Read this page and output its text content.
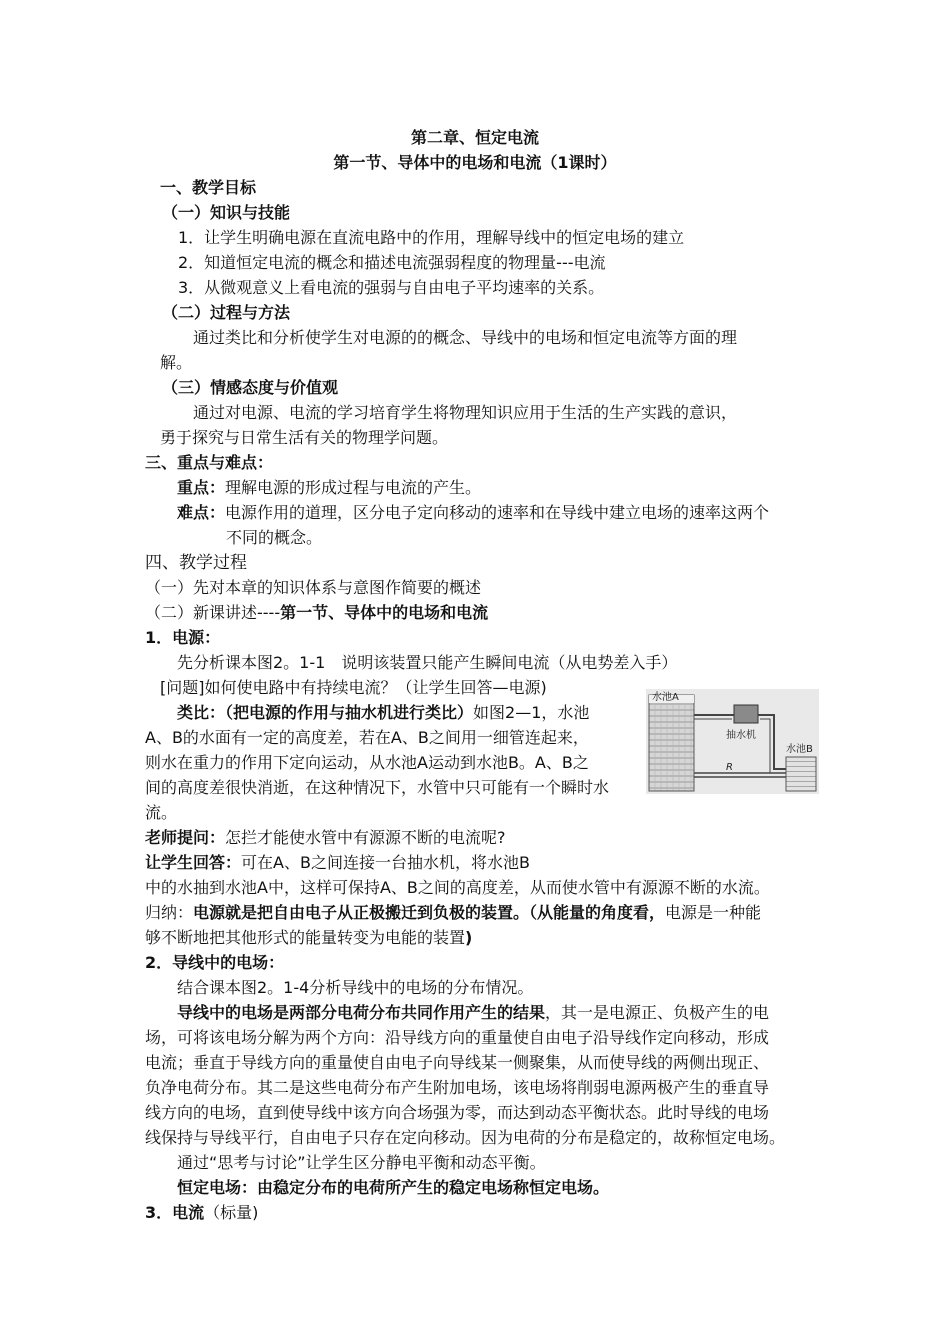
第二章、恒定电流
第一节、导体中的电场和电流（1课时）
一、教学目标
（一）知识与技能
1．让学生明确电源在直流电路中的作用，理解导线中的恒定电场的建立
2．知道恒定电流的概念和描述电流强弱程度的物理量---电流
3．从微观意义上看电流的强弱与自由电子平均速率的关系。
（二）过程与方法
通过类比和分析使学生对电源的的概念、导线中的电场和恒定电流等方面的理
解。
（三）情感态度与价值观
通过对电源、电流的学习培育学生将物理知识应用于生活的生产实践的意识，
勇于探究与日常生活有关的物理学问题。
三、重点与难点：
重点：理解电源的形成过程与电流的产生。
难点：电源作用的道理，区分电子定向移动的速率和在导线中建立电场的速率这两个
不同的概念。
四、教学过程
（一）先对本章的知识体系与意图作简要的概述
（二）新课讲述----第一节、导体中的电场和电流
1．电源：
先分析课本图2。1-1　说明该装置只能产生瞬间电流（从电势差入手）
[问题]如何使电路中有持续电流？（让学生回答—电源)
类比：（把电源的作用与抽水机进行类比）如图2—1，水池
A、B的水面有一定的高度差，若在A、B之间用一细管连起来，
则水在重力的作用下定向运动，从水池A运动到水池B。A、B之
间的高度差很快消逝，在这种情况下，水管中只可能有一个瞬时水
流。
水池A
抽水机
水池B
R
老师提问：怎拦才能使水管中有源源不断的电流呢?
让学生回答：可在A、B之间连接一台抽水机，将水池B
中的水抽到水池A中，这样可保持A、B之间的高度差，从而使水管中有源源不断的水流。
归纳：电源就是把自由电子从正极搬迁到负极的装置。（从能量的角度看，电源是一种能
够不断地把其他形式的能量转变为电能的装置)
2．导线中的电场：
结合课本图2。1-4分析导线中的电场的分布情况。
导线中的电场是两部分电荷分布共同作用产生的结果，其一是电源正、负极产生的电
场，可将该电场分解为两个方向：沿导线方向的重量使自由电子沿导线作定向移动，形成
电流；垂直于导线方向的重量使自由电子向导线某一侧聚集，从而使导线的两侧出现正、
负净电荷分布。其二是这些电荷分布产生附加电场，该电场将削弱电源两极产生的垂直导
线方向的电场，直到使导线中该方向合场强为零，而达到动态平衡状态。此时导线的电场
线保持与导线平行，自由电子只存在定向移动。因为电荷的分布是稳定的，故称恒定电场。
通过“思考与讨论”让学生区分静电平衡和动态平衡。
恒定电场：由稳定分布的电荷所产生的稳定电场称恒定电场。
3．电流（标量)
